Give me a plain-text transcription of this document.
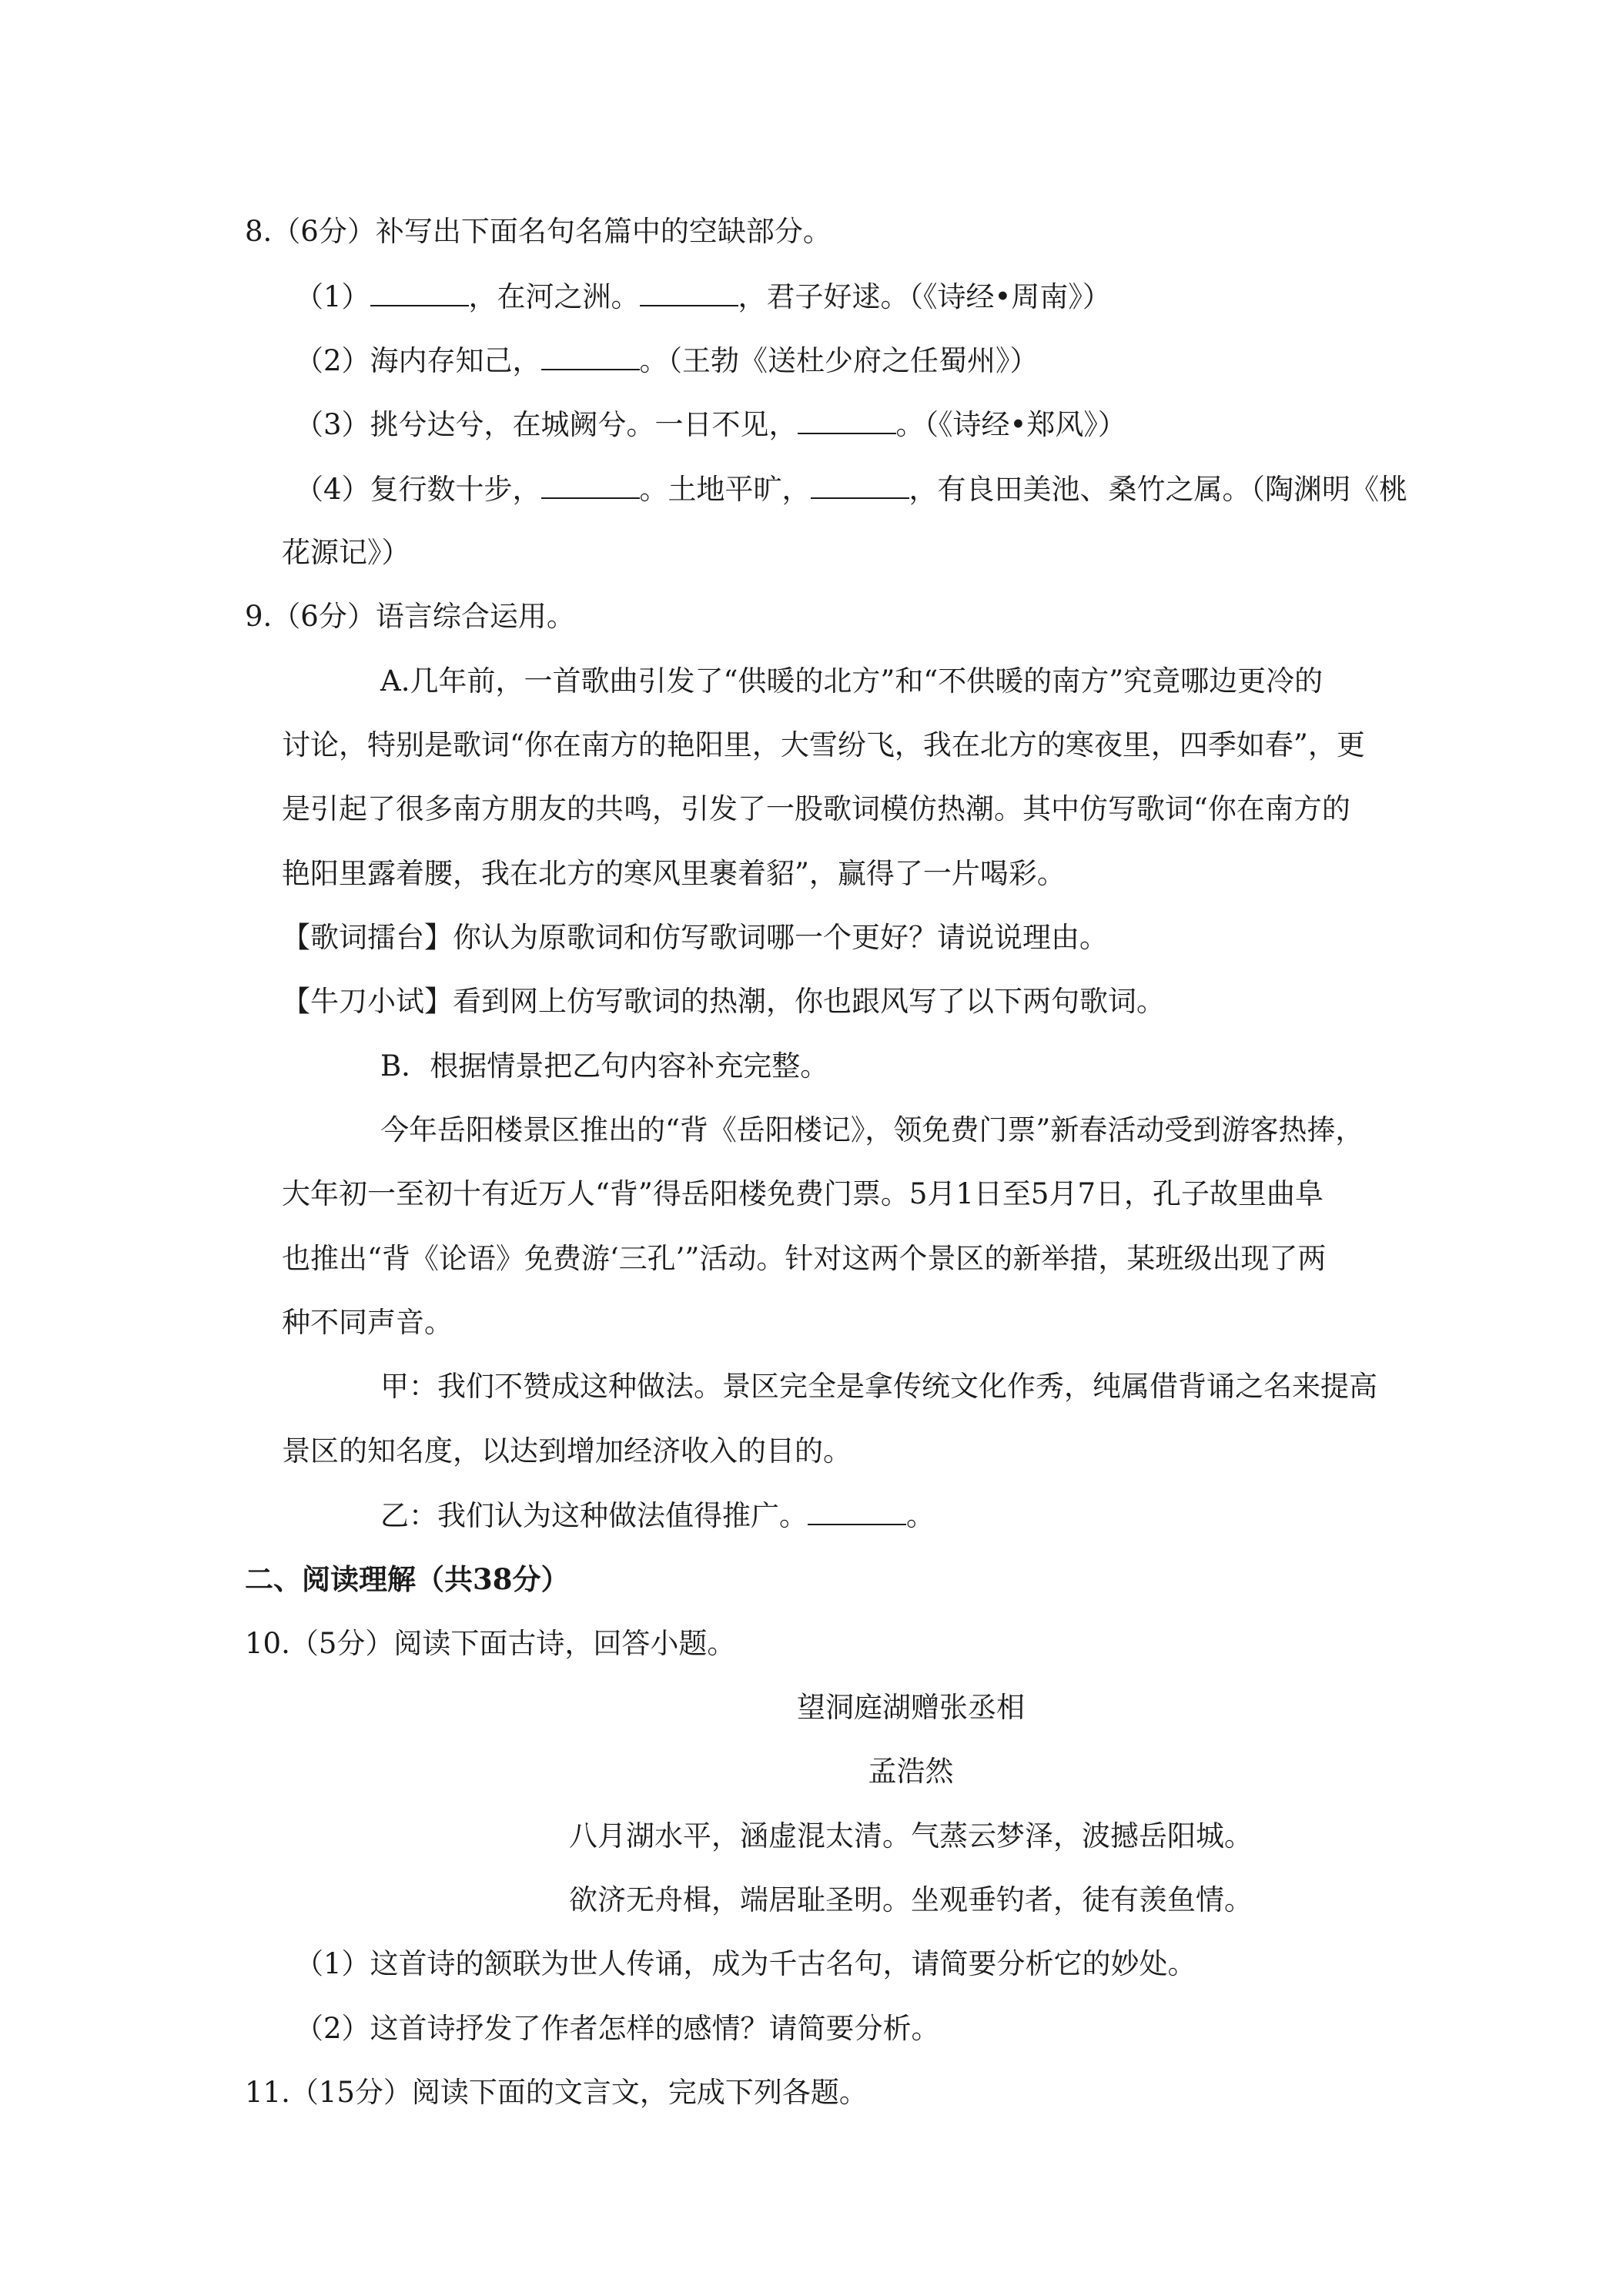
8.（6分）补写出下面名句名篇中的空缺部分。
（1）	，在河之洲。	，君子好逑。（《诗经•周南》）
（2）海内存知己，	。（王勃《送杜少府之任蜀州》）
（3）挑兮达兮，在城阙兮。一日不见，	。（《诗经•郑风》）
（4）复行数十步，	。土地平旷，	，有良田美池、桑竹之属。（陶渊明《桃
花源记》）
9.（6分）语言综合运用。
A.几年前，一首歌曲引发了“供暖的北方”和“不供暖的南方”究竟哪边更冷的
讨论，特别是歌词“你在南方的艳阳里，大雪纷飞，我在北方的寒夜里，四季如春”，更
是引起了很多南方朋友的共鸣，引发了一股歌词模仿热潮。其中仿写歌词“你在南方的
艳阳里露着腰，我在北方的寒风里裹着貂”，赢得了一片喝彩。
【歌词擂台】你认为原歌词和仿写歌词哪一个更好？请说说理由。
【牛刀小试】看到网上仿写歌词的热潮，你也跟风写了以下两句歌词。
B．根据情景把乙句内容补充完整。
今年岳阳楼景区推出的“背《岳阳楼记》，领免费门票”新春活动受到游客热捧，
大年初一至初十有近万人“背”得岳阳楼免费门票。5月1日至5月7日，孔子故里曲阜
也推出“背《论语》免费游‘三孔’”活动。针对这两个景区的新举措，某班级出现了两
种不同声音。
甲：我们不赞成这种做法。景区完全是拿传统文化作秀，纯属借背诵之名来提高
景区的知名度，以达到增加经济收入的目的。
乙：我们认为这种做法值得推广。	。
二、阅读理解（共38分）
10.（5分）阅读下面古诗，回答小题。
望洞庭湖赠张丞相
孟浩然
八月湖水平，涵虚混太清。气蒸云梦泽，波撼岳阳城。
欲济无舟楫，端居耻圣明。坐观垂钓者，徒有羡鱼情。
（1）这首诗的颔联为世人传诵，成为千古名句，请简要分析它的妙处。
（2）这首诗抒发了作者怎样的感情？请简要分析。
11.（15分）阅读下面的文言文，完成下列各题。
